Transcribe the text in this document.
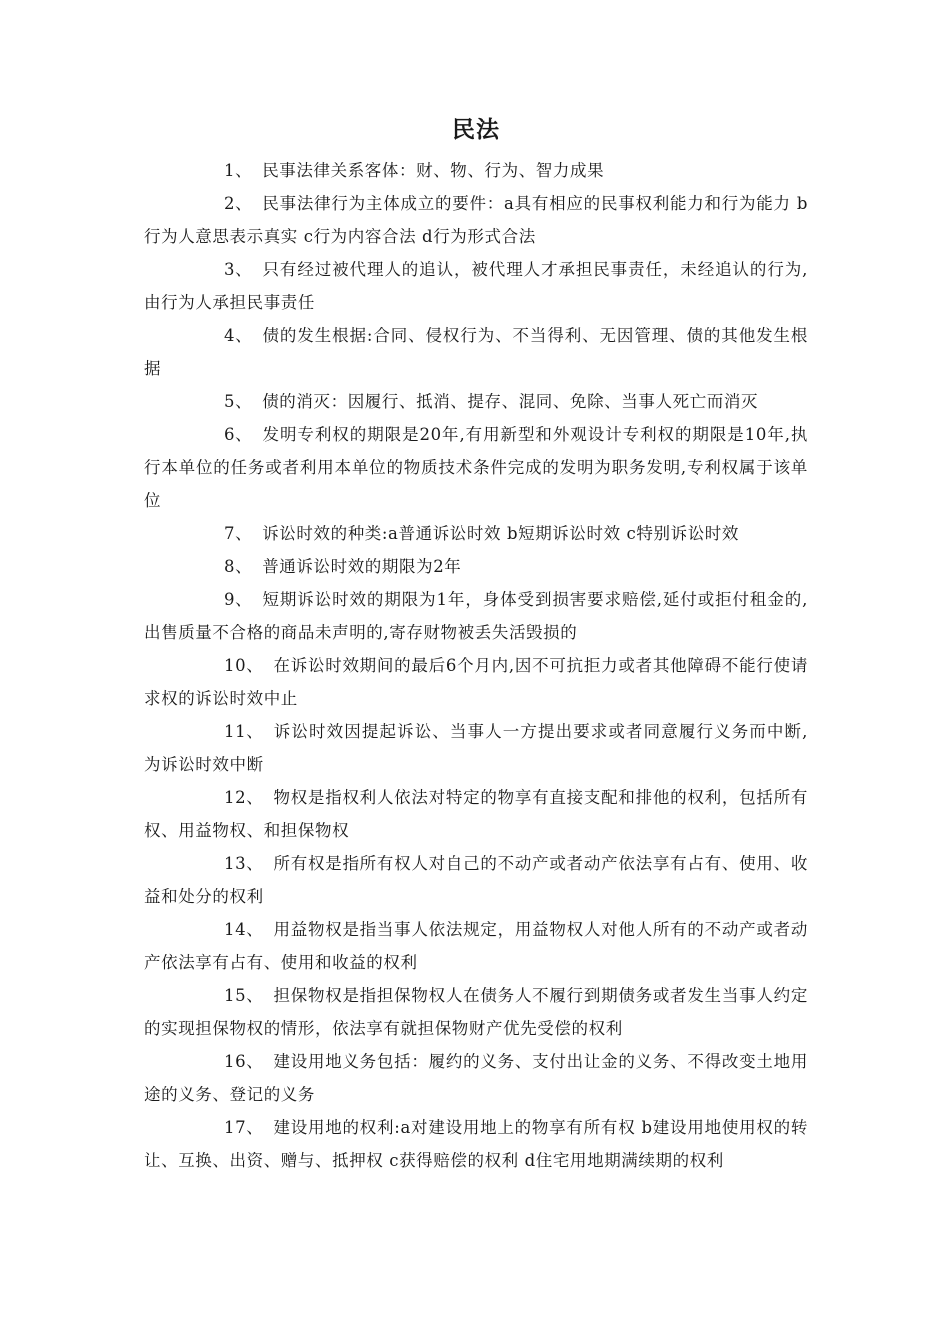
民法

1、 民事法律关系客体：财、物、行为、智力成果

2、 民事法律行为主体成立的要件：a具有相应的民事权利能力和行为能力 b行为人意思表示真实 c行为内容合法 d行为形式合法

3、 只有经过被代理人的追认，被代理人才承担民事责任，未经追认的行为,由行为人承担民事责任

4、 债的发生根据:合同、侵权行为、不当得利、无因管理、债的其他发生根据

5、 债的消灭：因履行、抵消、提存、混同、免除、当事人死亡而消灭

6、 发明专利权的期限是20年,有用新型和外观设计专利权的期限是10年,执行本单位的任务或者利用本单位的物质技术条件完成的发明为职务发明,专利权属于该单位

7、 诉讼时效的种类:a普通诉讼时效 b短期诉讼时效 c特别诉讼时效

8、 普通诉讼时效的期限为2年

9、 短期诉讼时效的期限为1年，身体受到损害要求赔偿,延付或拒付租金的,出售质量不合格的商品未声明的,寄存财物被丢失活毁损的

10、 在诉讼时效期间的最后6个月内,因不可抗拒力或者其他障碍不能行使请求权的诉讼时效中止

11、 诉讼时效因提起诉讼、当事人一方提出要求或者同意履行义务而中断,为诉讼时效中断

12、 物权是指权利人依法对特定的物享有直接支配和排他的权利，包括所有权、用益物权、和担保物权

13、 所有权是指所有权人对自己的不动产或者动产依法享有占有、使用、收益和处分的权利

14、 用益物权是指当事人依法规定，用益物权人对他人所有的不动产或者动产依法享有占有、使用和收益的权利

15、 担保物权是指担保物权人在债务人不履行到期债务或者发生当事人约定的实现担保物权的情形，依法享有就担保物财产优先受偿的权利

16、 建设用地义务包括：履约的义务、支付出让金的义务、不得改变土地用途的义务、登记的义务

17、 建设用地的权利:a对建设用地上的物享有所有权 b建设用地使用权的转让、互换、出资、赠与、抵押权 c获得赔偿的权利 d住宅用地期满续期的权利
